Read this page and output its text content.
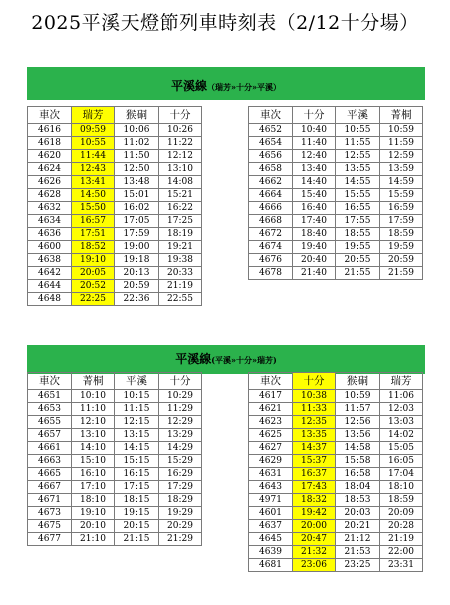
2025平溪天燈節列車時刻表（2/12十分場）
平溪線（瑞芳»十分»平溪）
車次	瑞芳	猴硐	十分
4616	09:59	10:06	10:26
4618	10:55	11:02	11:22
4620	11:44	11:50	12:12
4624	12:43	12:50	13:10
4626	13:41	13:48	14:08
4628	14:50	15:01	15:21
4632	15:50	16:02	16:22
4634	16:57	17:05	17:25
4636	17:51	17:59	18:19
4600	18:52	19:00	19:21
4638	19:10	19:18	19:38
4642	20:05	20:13	20:33
4644	20:52	20:59	21:19
4648	22:25	22:36	22:55
車次	十分	平溪	菁桐
4652	10:40	10:55	10:59
4654	11:40	11:55	11:59
4656	12:40	12:55	12:59
4658	13:40	13:55	13:59
4662	14:40	14:55	14:59
4664	15:40	15:55	15:59
4666	16:40	16:55	16:59
4668	17:40	17:55	17:59
4672	18:40	18:55	18:59
4674	19:40	19:55	19:59
4676	20:40	20:55	20:59
4678	21:40	21:55	21:59
平溪線(平溪»十分»瑞芳)
車次	菁桐	平溪	十分
4651	10:10	10:15	10:29
4653	11:10	11:15	11:29
4655	12:10	12:15	12:29
4657	13:10	13:15	13:29
4661	14:10	14:15	14:29
4663	15:10	15:15	15:29
4665	16:10	16:15	16:29
4667	17:10	17:15	17:29
4671	18:10	18:15	18:29
4673	19:10	19:15	19:29
4675	20:10	20:15	20:29
4677	21:10	21:15	21:29
車次	十分	猴硐	瑞芳
4617	10:38	10:59	11:06
4621	11:33	11:57	12:03
4623	12:35	12:56	13:03
4625	13:35	13:56	14:02
4627	14:37	14:58	15:05
4629	15:37	15:58	16:05
4631	16:37	16:58	17:04
4643	17:43	18:04	18:10
4971	18:32	18:53	18:59
4601	19:42	20:03	20:09
4637	20:00	20:21	20:28
4645	20:47	21:12	21:19
4639	21:32	21:53	22:00
4681	23:06	23:25	23:31
